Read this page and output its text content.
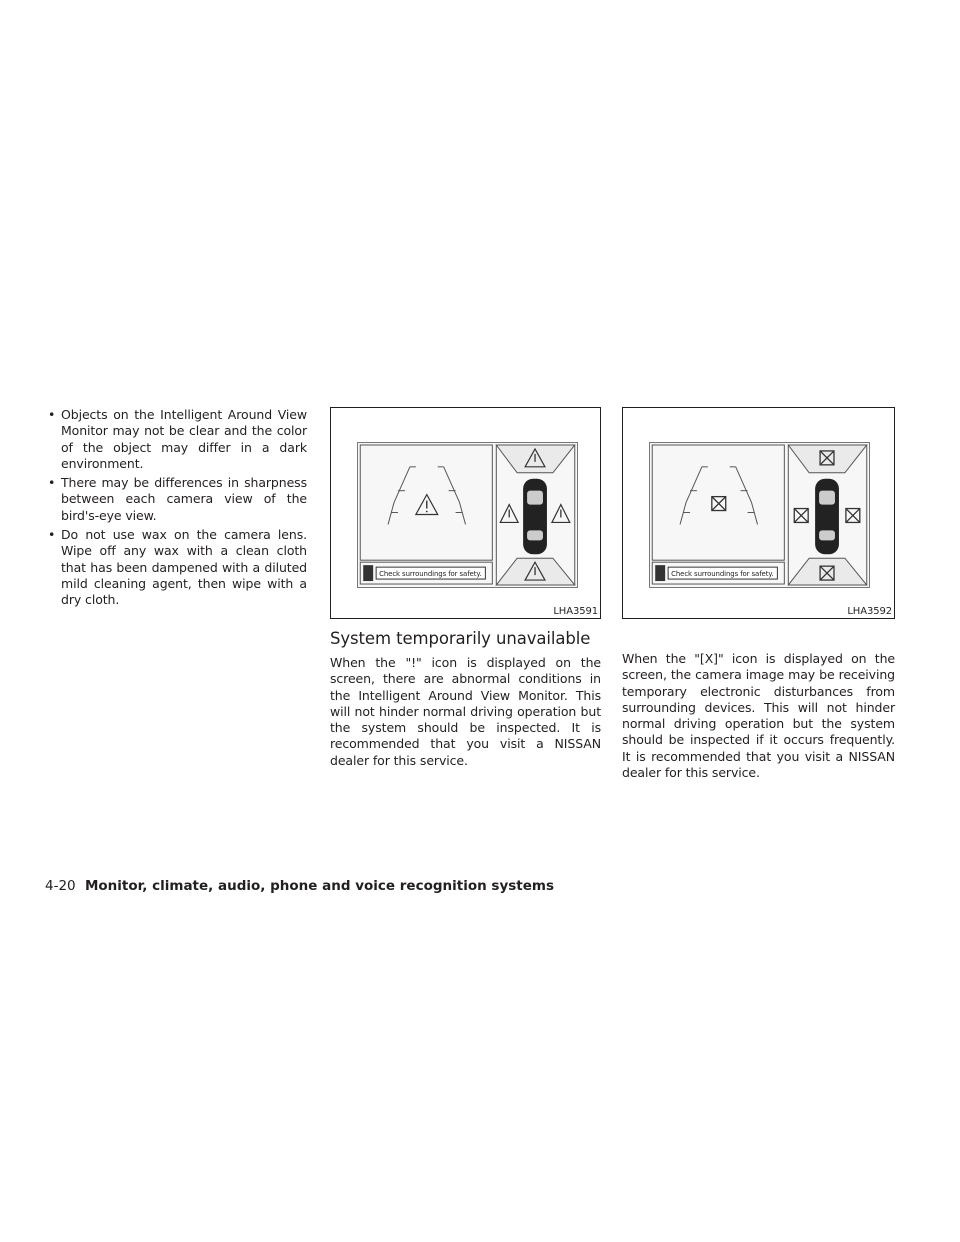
• Objects on the Intelligent Around View Monitor may not be clear and the color of the object may differ in a dark environment.
• There may be differences in sharpness between each camera view of the bird's-eye view.
• Do not use wax on the camera lens. Wipe off any wax with a clean cloth that has been dampened with a diluted mild cleaning agent, then wipe with a dry cloth.
Check surroundings for safety.
LHA3591
System temporarily unavailable

When the "!" icon is displayed on the screen, there are abnormal conditions in the Intelligent Around View Monitor. This will not hinder normal driving operation but the system should be inspected. It is recommended that you visit a NISSAN dealer for this service.

Check surroundings for safety.
LHA3592

When the "[X]" icon is displayed on the screen, the camera image may be receiving temporary electronic disturbances from surrounding devices. This will not hinder normal driving operation but the system should be inspected if it occurs frequently. It is recommended that you visit a NISSAN dealer for this service.

4-20 Monitor, climate, audio, phone and voice recognition systems
